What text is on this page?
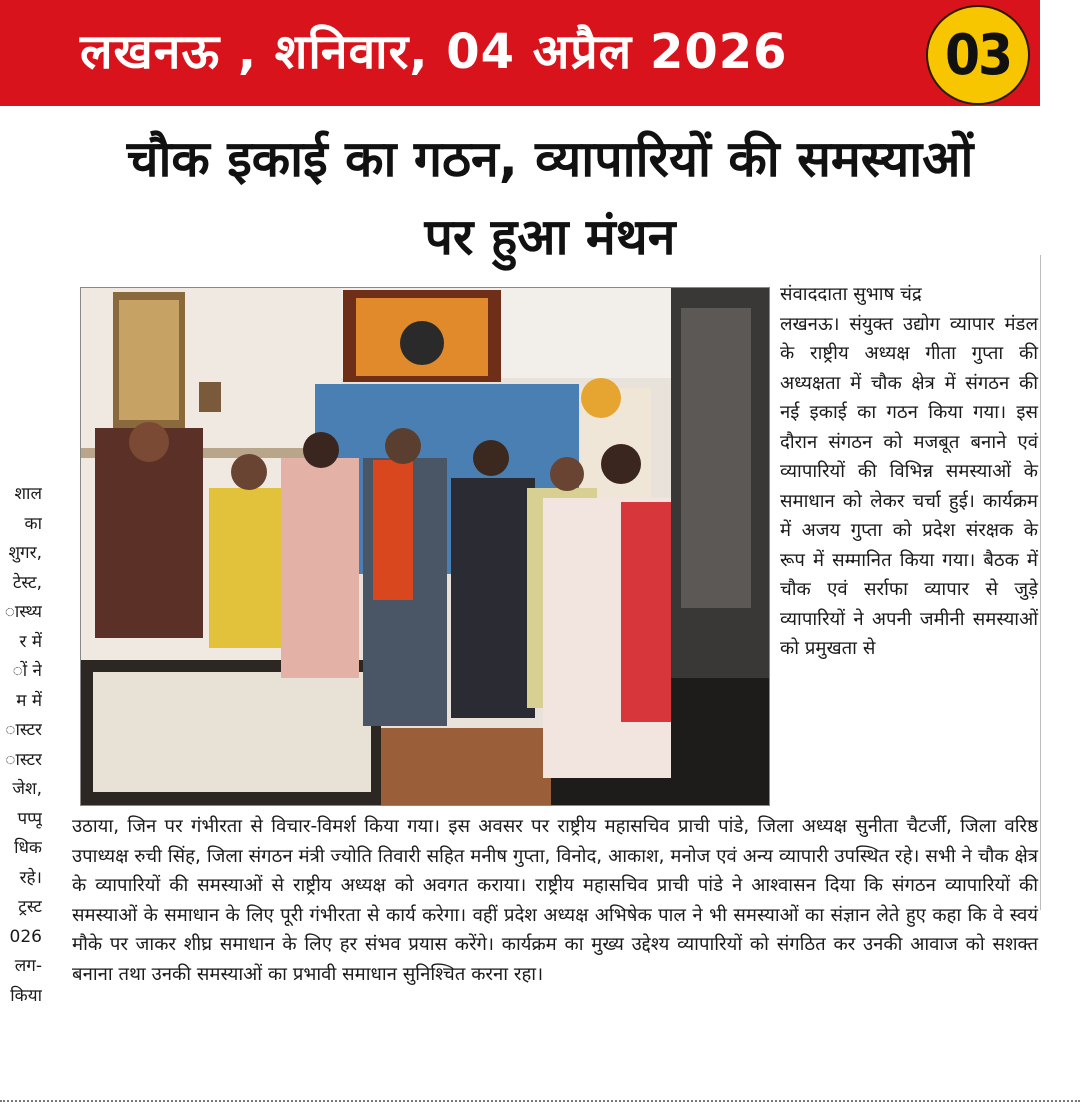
लखनऊ , शनिवार, 04 अप्रैल 2026	03
चौक इकाई का गठन, व्यापारियों की समस्याओं
पर हुआ मंथन
शाल
का
शुगर,
टेस्ट,
ास्थ्य
र में
ों ने
म में
ास्टर
ास्टर
जेश,
पप्पू
धिक
रहे।
ट्रस्ट
026
लग-
किया

संवाददाता सुभाष चंद्र

लखनऊ। संयुक्त उद्योग व्यापार मंडल के राष्ट्रीय अध्यक्ष गीता गुप्ता की अध्यक्षता में चौक क्षेत्र में संगठन की नई इकाई का गठन किया गया। इस दौरान संगठन को मजबूत बनाने एवं व्यापारियों की विभिन्न समस्याओं के समाधान को लेकर चर्चा हुई। कार्यक्रम में अजय गुप्ता को प्रदेश संरक्षक के रूप में सम्मानित किया गया। बैठक में चौक एवं सर्राफा व्यापार से जुड़े व्यापारियों ने अपनी जमीनी समस्याओं को प्रमुखता से

उठाया, जिन पर गंभीरता से विचार-विमर्श किया गया। इस अवसर पर राष्ट्रीय महासचिव प्राची पांडे, जिला अध्यक्ष सुनीता चैटर्जी, जिला वरिष्ठ उपाध्यक्ष रुची सिंह, जिला संगठन मंत्री ज्योति तिवारी सहित मनीष गुप्ता, विनोद, आकाश, मनोज एवं अन्य व्यापारी उपस्थित रहे। सभी ने चौक क्षेत्र के व्यापारियों की समस्याओं से राष्ट्रीय अध्यक्ष को अवगत कराया। राष्ट्रीय महासचिव प्राची पांडे ने आश्वासन दिया कि संगठन व्यापारियों की समस्याओं के समाधान के लिए पूरी गंभीरता से कार्य करेगा। वहीं प्रदेश अध्यक्ष अभिषेक पाल ने भी समस्याओं का संज्ञान लेते हुए कहा कि वे स्वयं मौके पर जाकर शीघ्र समाधान के लिए हर संभव प्रयास करेंगे। कार्यक्रम का मुख्य उद्देश्य व्यापारियों को संगठित कर उनकी आवाज को सशक्त बनाना तथा उनकी समस्याओं का प्रभावी समाधान सुनिश्चित करना रहा।
